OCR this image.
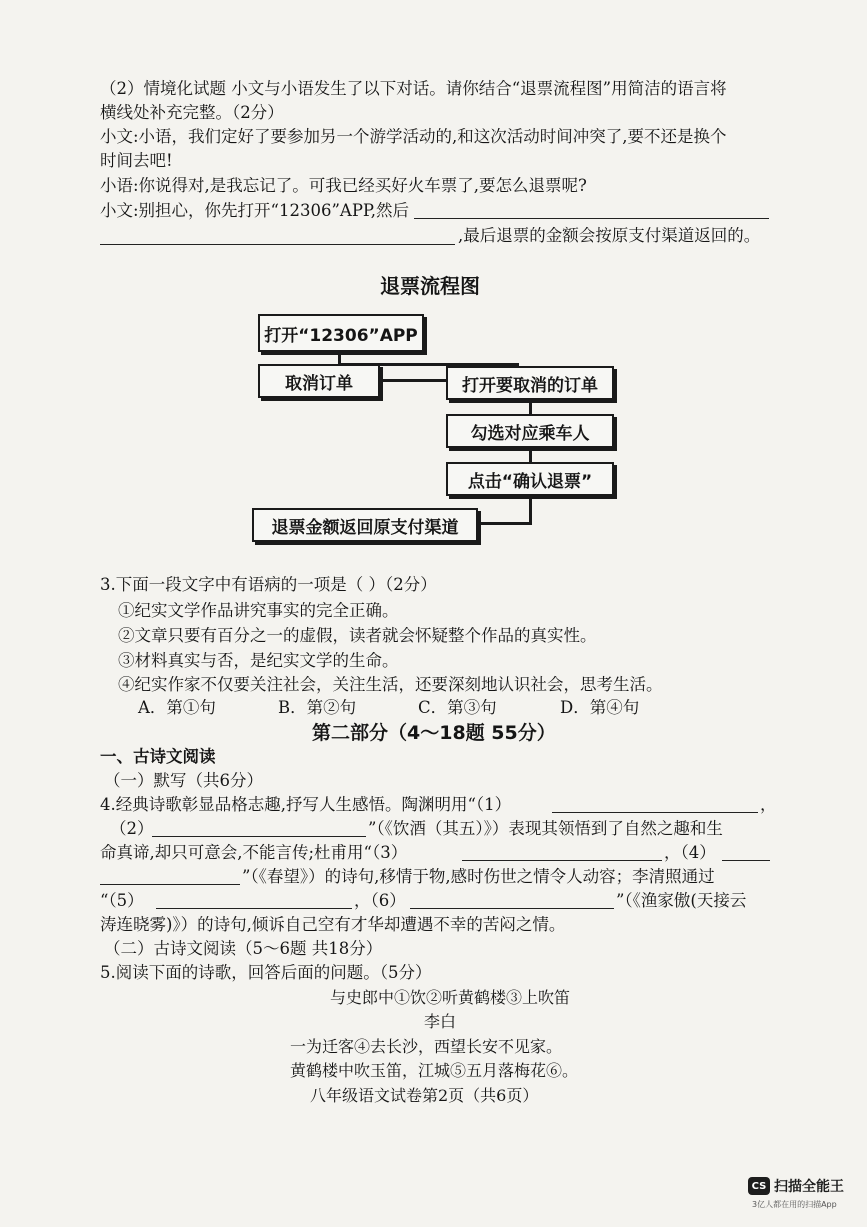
（2）情境化试题 小文与小语发生了以下对话。请你结合“退票流程图”用简洁的语言将
横线处补充完整。（2分）
小文:小语，我们定好了要参加另一个游学活动的,和这次活动时间冲突了,要不还是换个
时间去吧!
小语:你说得对,是我忘记了。可我已经买好火车票了,要怎么退票呢?
小文:别担心，你先打开“12306”APP,然后
,最后退票的金额会按原支付渠道返回的。
退票流程图
打开“12306”APP
取消订单	打开要取消的订单
勾选对应乘车人
点击“确认退票”
退票金额返回原支付渠道
3.下面一段文字中有语病的一项是（ ）（2分）
①纪实文学作品讲究事实的完全正确。
②文章只要有百分之一的虚假，读者就会怀疑整个作品的真实性。
③材料真实与否，是纪实文学的生命。
④纪实作家不仅要关注社会，关注生活，还要深刻地认识社会，思考生活。
A．第①句	B．第②句	C．第③句	D．第④句
第二部分（4～18题 55分）
一、古诗文阅读
（一）默写（共6分）
4.经典诗歌彰显品格志趣,抒写人生感悟。陶渊明用“（1）	，
（2）	”（《饮酒（其五）》）表现其领悟到了自然之趣和生
命真谛,却只可意会,不能言传;杜甫用“（3）	，（4）
”（《春望》）的诗句,移情于物,感时伤世之情令人动容；李清照通过
“（5）	，（6）	”（《渔家傲(天接云
涛连晓雾)》）的诗句,倾诉自己空有才华却遭遇不幸的苦闷之情。
（二）古诗文阅读（5～6题 共18分）
5.阅读下面的诗歌，回答后面的问题。（5分）
与史郎中①饮②听黄鹤楼③上吹笛
李白
一为迁客④去长沙，西望长安不见家。
黄鹤楼中吹玉笛，江城⑤五月落梅花⑥。
八年级语文试卷第2页（共6页）
CS 扫描全能王
3亿人都在用的扫描App
